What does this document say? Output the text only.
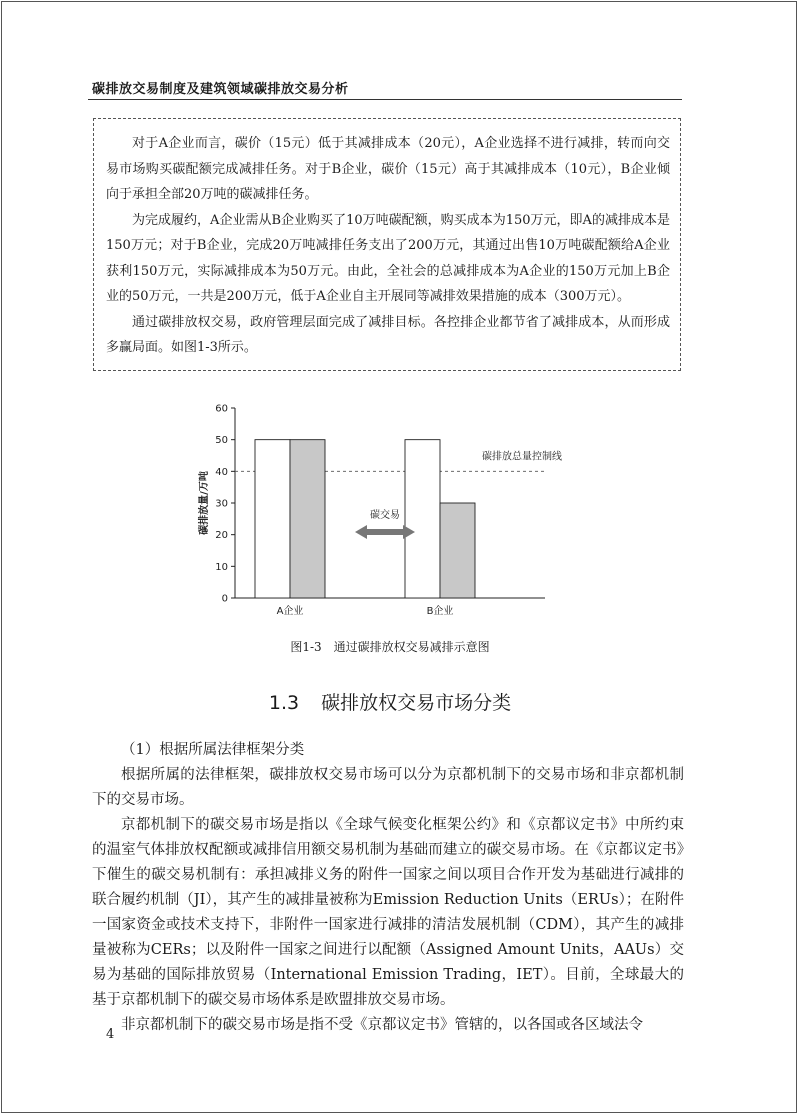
碳排放交易制度及建筑领域碳排放交易分析

对于A企业而言，碳价（15元）低于其减排成本（20元），A企业选择不进行减排，转而向交易市场购买碳配额完成减排任务。对于B企业，碳价（15元）高于其减排成本（10元），B企业倾向于承担全部20万吨的碳减排任务。

为完成履约，A企业需从B企业购买了10万吨碳配额，购买成本为150万元，即A的减排成本是150万元；对于B企业，完成20万吨减排任务支出了200万元，其通过出售10万吨碳配额给A企业获利150万元，实际减排成本为50万元。由此，全社会的总减排成本为A企业的150万元加上B企业的50万元，一共是200万元，低于A企业自主开展同等减排效果措施的成本（300万元）。

通过碳排放权交易，政府管理层面完成了减排目标。各控排企业都节省了减排成本，从而形成多赢局面。如图1-3所示。

0
10
20
30
40
50
60
碳排放总量控制线
A企业	B企业
碳排放量/万吨	碳交易
图1-3　通过碳排放权交易减排示意图
1.3 碳排放权交易市场分类

（1）根据所属法律框架分类

根据所属的法律框架，碳排放权交易市场可以分为京都机制下的交易市场和非京都机制下的交易市场。

京都机制下的碳交易市场是指以《全球气候变化框架公约》和《京都议定书》中所约束的温室气体排放权配额或减排信用额交易机制为基础而建立的碳交易市场。在《京都议定书》下催生的碳交易机制有：承担减排义务的附件一国家之间以项目合作开发为基础进行减排的联合履约机制（JI），其产生的减排量被称为Emission Reduction Units（ERUs）；在附件一国家资金或技术支持下，非附件一国家进行减排的清洁发展机制（CDM），其产生的减排量被称为CERs；以及附件一国家之间进行以配额（Assigned Amount Units，AAUs）交易为基础的国际排放贸易（International Emission Trading，IET）。目前，全球最大的基于京都机制下的碳交易市场体系是欧盟排放交易市场。

非京都机制下的碳交易市场是指不受《京都议定书》管辖的，以各国或各区域法令

4
